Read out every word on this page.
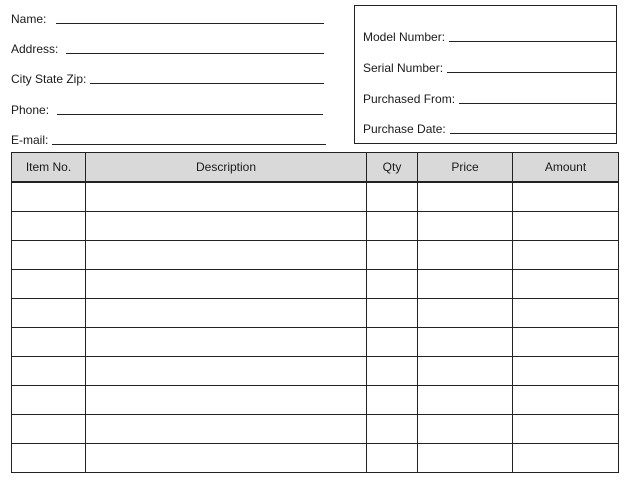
Name:
Address:
City State Zip:
Phone:
E-mail:
Model Number:
Serial Number:
Purchased From:
Purchase Date:
Item No.	Description	Qty	Price	Amount
